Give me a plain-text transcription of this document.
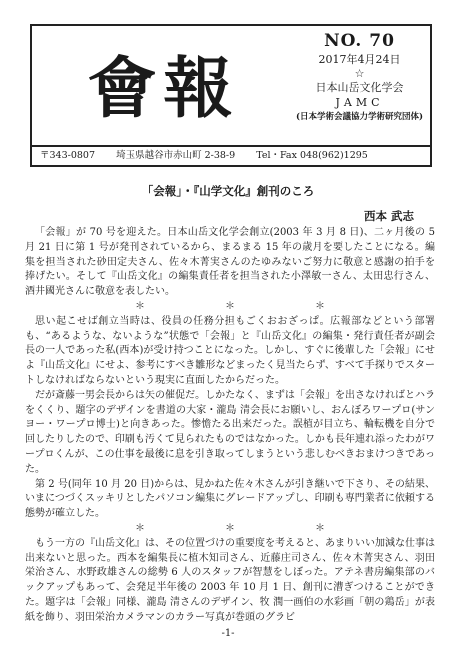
會 報
NO. 70
2017年4月24日
☆
日本山岳文化学会
JAMC
(日本学術会議協力学術研究団体)
〒343-0807 埼玉県越谷市赤山町 2-38-9 Tel・Fax 048(962)1295
「会報」・『山学文化』創刊のころ
西本 武志

「会報」が 70 号を迎えた。日本山岳文化学会創立(2003 年 3 月 8 日)、二ヶ月後の 5 月 21 日に第 1 号が発刊されているから、まるまる 15 年の歳月を要したことになる。編集を担当された砂田定夫さん、佐々木菁実さんのたゆみないご努力に敬意と感謝の拍手を捧げたい。そして『山岳文化』の編集責任者を担当された小澤敏一さん、太田忠行さん、酒井國光さんに敬意を表したい。

＊	＊	＊

思い起こせば創立当時は、役員の任務分担もごくおおざっぱ。広報部などという部署も、“あるような、ないような”状態で「会報」と『山岳文化』の編集・発行責任者が副会長の一人であった私(西本)が受け持つことになった。しかし、すぐに後輩した「会報」にせよ『山岳文化』にせよ、参考にすべき雛形などまったく見当たらず、すべて手探りでスタートしなければならないという現実に直面したからだった。

だが斎藤一男会長からは矢の催促だ。しかたなく、まずは「会報」を出さなければとハラをくくり、題字のデザインを書道の大家・瀧島 清会長にお願いし、おんぼろワープロ(サンヨー・ワープロ博士)と向きあった。惨憺たる出来だった。誤植が目立ち、輪転機を自分で回したりしたので、印刷も汚くて見られたものではなかった。しかも長年連れ添ったわがワープロくんが、この仕事を最後に息を引き取ってしまうという悲しむべきおまけつきであった。

第 2 号(同年 10 月 20 日)からは、見かねた佐々木さんが引き継いで下さり、その結果、いまにつづくスッキリとしたパソコン編集にグレードアップし、印刷も専門業者に依頼する態勢が確立した。

＊	＊	＊

もう一方の『山岳文化』は、その位置づけの重要度を考えると、あまりいい加減な仕事は出来ないと思った。西本を編集長に植木知司さん、近藤庄司さん、佐々木菁実さん、羽田栄治さん、水野政雄さんの総勢 6 人のスタッフが智慧をしぼった。アテネ書房編集部のバックアップもあって、会発足半年後の 2003 年 10 月 1 日、創刊に漕ぎつけることができた。題字は「会報」同様、瀧島 清さんのデザイン、牧 潤一画伯の水彩画「朝の鶏岳」が表紙を飾り、羽田栄治カメラマンのカラー写真が巻頭のグラビ

-1-
